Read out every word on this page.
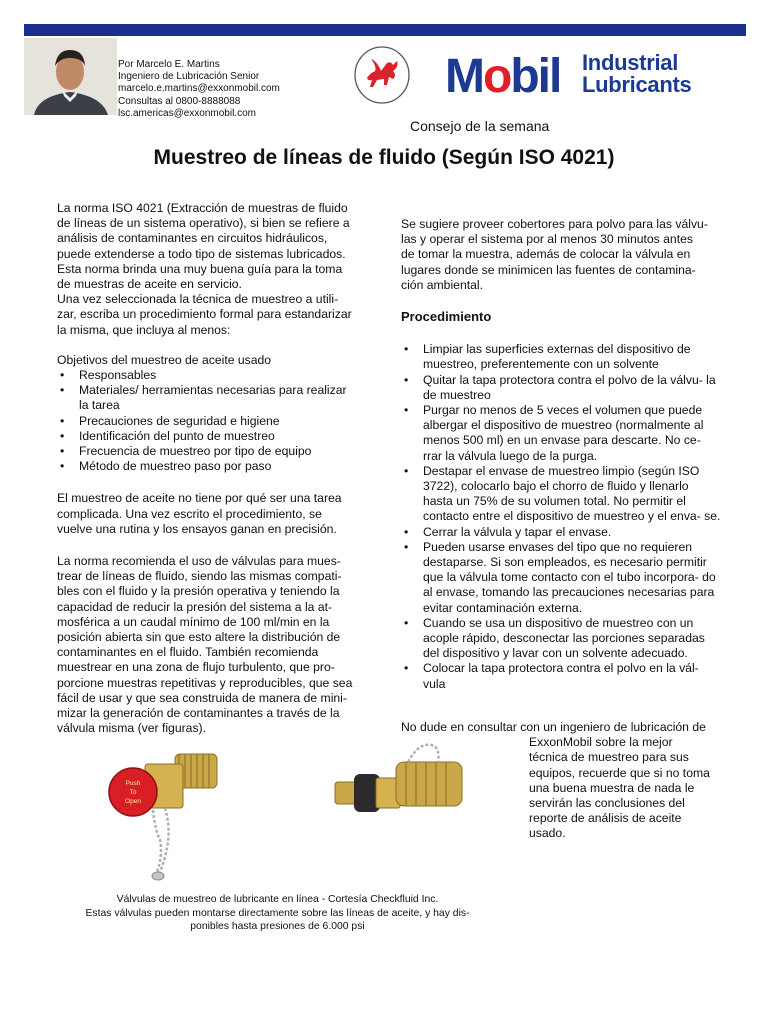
Por Marcelo E. Martins
Ingeniero de Lubricación Senior
marcelo.e.martins@exxonmobil.com
Consultas al 0800-8888088
lsc.americas@exxonmobil.com
Mobil Industrial
Lubricants
Consejo de la semana
Muestreo de líneas de fluido (Según ISO 4021)

La norma ISO 4021 (Extracción de muestras de fluido

de líneas de un sistema operativo), si bien se refiere a

análisis de contaminantes en circuitos hidráulicos,

puede extenderse a todo tipo de sistemas lubricados.

Esta norma brinda una muy buena guía para la toma

de muestras de aceite en servicio.

Una vez seleccionada la técnica de muestreo a utili-

zar, escriba un procedimiento formal para estandarizar

la misma, que incluya al menos:

Objetivos del muestreo de aceite usado

• Responsables
• Materiales/ herramientas necesarias para realizar la tarea
• Precauciones de seguridad e higiene
• Identificación del punto de muestreo
• Frecuencia de muestreo por tipo de equipo
• Método de muestreo paso por paso

El muestreo de aceite no tiene por qué ser una tarea

complicada. Una vez escrito el procedimiento, se

vuelve una rutina y los ensayos ganan en precisión.

La norma recomienda el uso de válvulas para mues-

trear de líneas de fluido, siendo las mismas compati-

bles con el fluido y la presión operativa y teniendo la

capacidad de reducir la presión del sistema a la at-

mosférica a un caudal mínimo de 100 ml/min en la

posición abierta sin que esto altere la distribución de

contaminantes en el fluido. También recomienda

muestrear en una zona de flujo turbulento, que pro-

porcione muestras repetitivas y reproducibles, que sea

fácil de usar y que sea construida de manera de mini-

mizar la generación de contaminantes a través de la

válvula misma (ver figuras).

Se sugiere proveer cobertores para polvo para las válvu-

las y operar el sistema por al menos 30 minutos antes

de tomar la muestra, además de colocar la válvula en

lugares donde se minimicen las fuentes de contamina-

ción ambiental.

Procedimiento

• Limpiar las superficies externas del dispositivo de muestreo, preferentemente con un solvente
• Quitar la tapa protectora contra el polvo de la válvu- la de muestreo
• Purgar no menos de 5 veces el volumen que puede albergar el dispositivo de muestreo (normalmente al menos 500 ml) en un envase para descarte. No ce- rrar la válvula luego de la purga.
• Destapar el envase de muestreo limpio (según ISO 3722), colocarlo bajo el chorro de fluido y llenarlo hasta un 75% de su volumen total. No permitir el contacto entre el dispositivo de muestreo y el enva- se.
• Cerrar la válvula y tapar el envase.
• Pueden usarse envases del tipo que no requieren destaparse. Si son empleados, es necesario permitir que la válvula tome contacto con el tubo incorpora- do al envase, tomando las precauciones necesarias para evitar contaminación externa.
• Cuando se usa un dispositivo de muestreo con un acople rápido, desconectar las porciones separadas del dispositivo y lavar con un solvente adecuado.
• Colocar la tapa protectora contra el polvo en la vál- vula

No dude en consultar con un ingeniero de lubricación de

ExxonMobil sobre la mejor

técnica de muestreo para sus

equipos, recuerde que si no toma

una buena muestra de nada le

servirán las conclusiones del

reporte de análisis de aceite

usado.

Push
To
Open
Válvulas de muestreo de lubricante en línea - Cortesía Checkfluid Inc.
Estas válvulas pueden montarse directamente sobre las líneas de aceite, y hay dis-
ponibles hasta presiones de 6.000 psi
